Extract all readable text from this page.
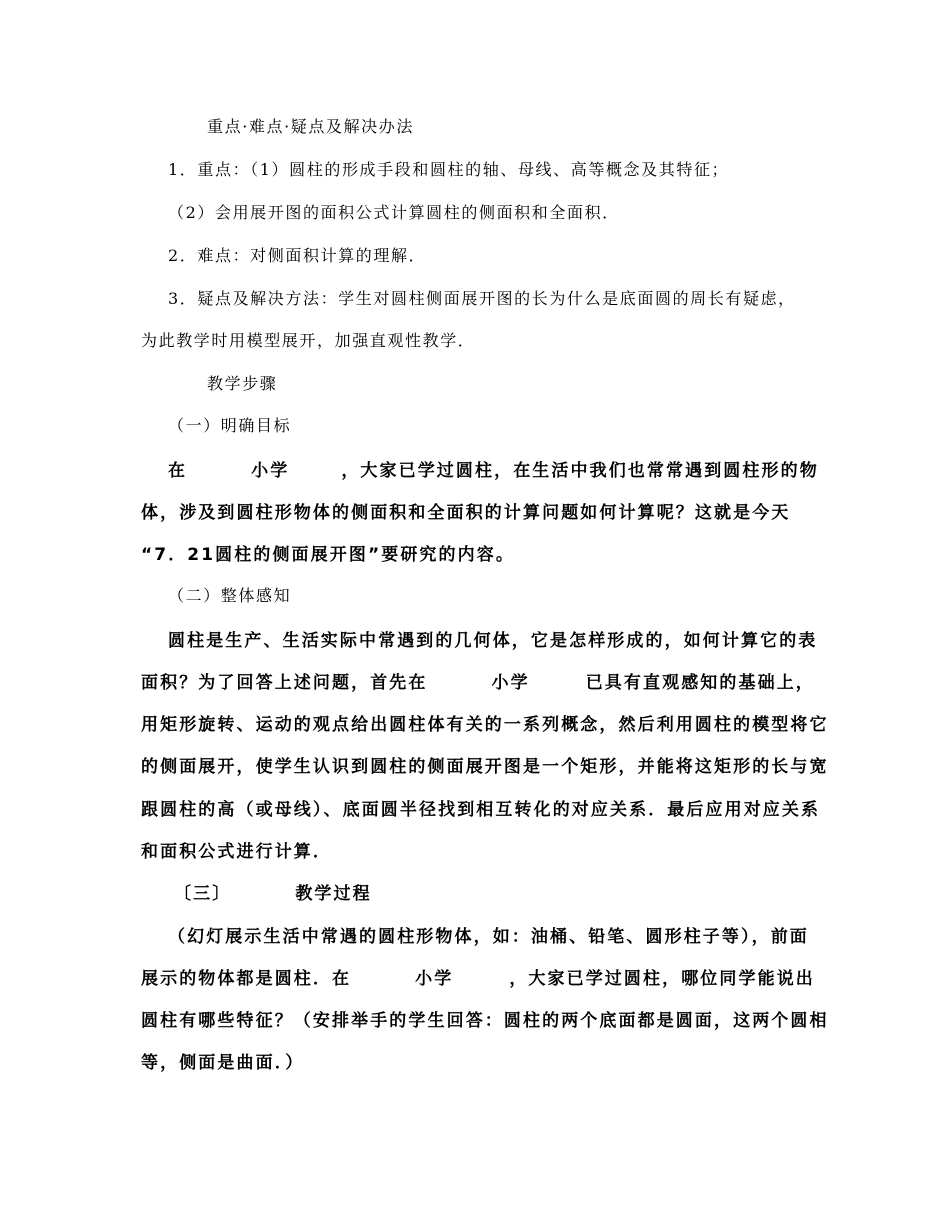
重点·难点·疑点及解决办法
1．重点：（1）圆柱的形成手段和圆柱的轴、母线、高等概念及其特征；
（2）会用展开图的面积公式计算圆柱的侧面积和全面积．
2．难点：对侧面积计算的理解．
3．疑点及解决方法：学生对圆柱侧面展开图的长为什么是底面圆的周长有疑虑，
为此教学时用模型展开，加强直观性教学．
教学步骤
（一）明确目标
在	小学	，大家已学过圆柱，在生活中我们也常常遇到圆柱形的物
体，涉及到圆柱形物体的侧面积和全面积的计算问题如何计算呢？这就是今天
“7．21圆柱的侧面展开图”要研究的内容。
（二）整体感知
圆柱是生产、生活实际中常遇到的几何体，它是怎样形成的，如何计算它的表
面积？为了回答上述问题，首先在	小学	已具有直观感知的基础上，
用矩形旋转、运动的观点给出圆柱体有关的一系列概念，然后利用圆柱的模型将它
的侧面展开，使学生认识到圆柱的侧面展开图是一个矩形，并能将这矩形的长与宽
跟圆柱的高（或母线）、底面圆半径找到相互转化的对应关系．最后应用对应关系
和面积公式进行计算．
〔三〕	教学过程
（幻灯展示生活中常遇的圆柱形物体，如：油桶、铅笔、圆形柱子等），前面
展示的物体都是圆柱．在	小学	，大家已学过圆柱，哪位同学能说出
圆柱有哪些特征？（安排举手的学生回答：圆柱的两个底面都是圆面，这两个圆相
等，侧面是曲面．）
